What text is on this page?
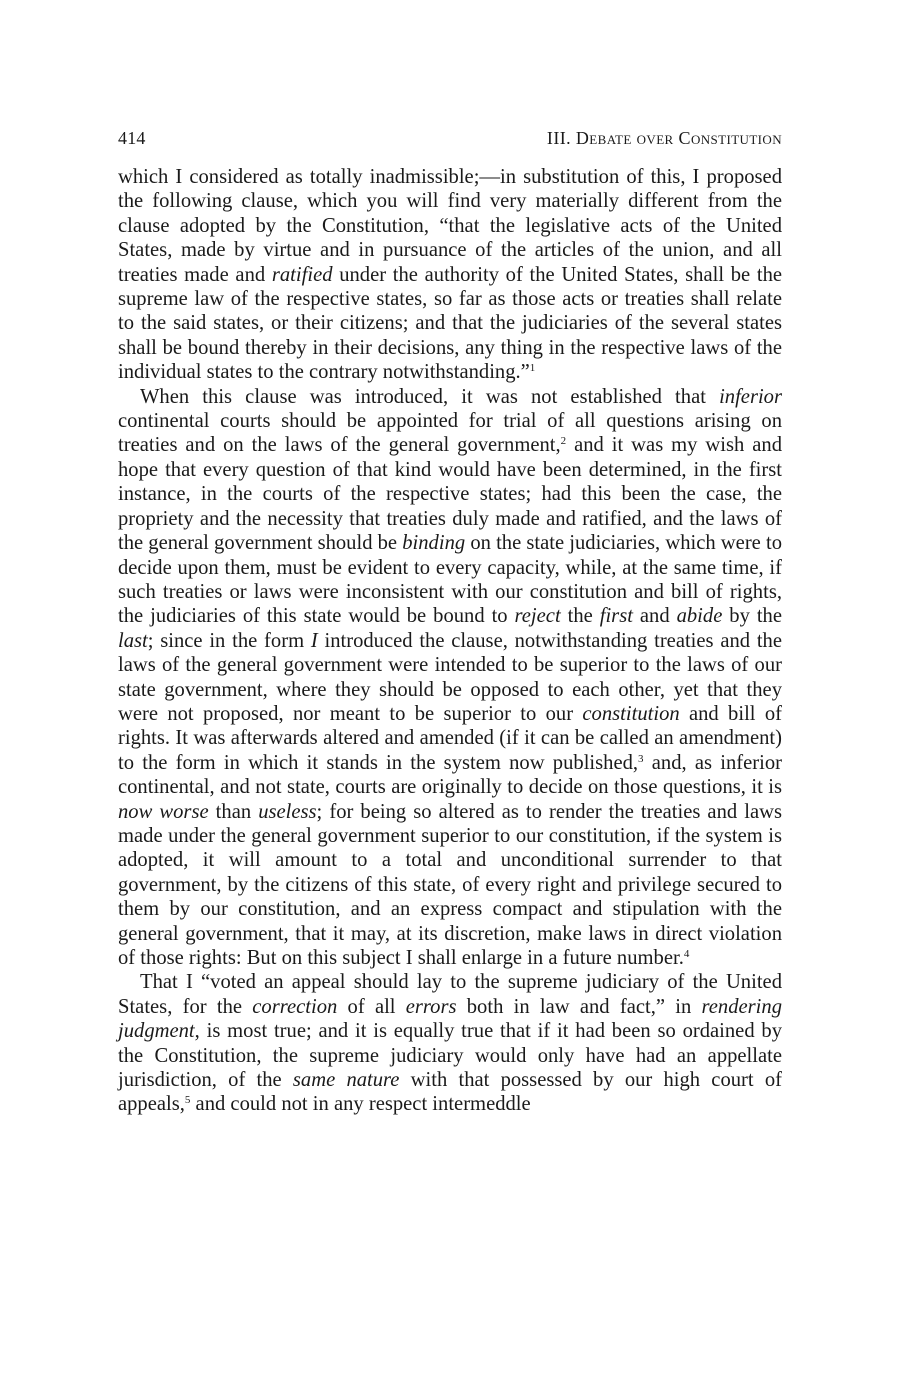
414	III. Debate over Constitution

which I considered as totally inadmissible;—in substitution of this, I proposed the following clause, which you will find very materially different from the clause adopted by the Constitution, “that the legislative acts of the United States, made by virtue and in pursuance of the articles of the union, and all treaties made and ratified under the authority of the United States, shall be the supreme law of the respective states, so far as those acts or treaties shall relate to the said states, or their citizens; and that the judiciaries of the several states shall be bound thereby in their decisions, any thing in the respective laws of the individual states to the contrary notwithstanding.”$^1$

When this clause was introduced, it was not established that inferior continental courts should be appointed for trial of all questions arising on treaties and on the laws of the general government,$^2$ and it was my wish and hope that every question of that kind would have been determined, in the first instance, in the courts of the respective states; had this been the case, the propriety and the necessity that treaties duly made and ratified, and the laws of the general government should be binding on the state judiciaries, which were to decide upon them, must be evident to every capacity, while, at the same time, if such treaties or laws were inconsistent with our constitution and bill of rights, the judiciaries of this state would be bound to reject the first and abide by the last; since in the form I introduced the clause, notwithstanding treaties and the laws of the general government were intended to be superior to the laws of our state government, where they should be opposed to each other, yet that they were not proposed, nor meant to be superior to our constitution and bill of rights. It was afterwards altered and amended (if it can be called an amendment) to the form in which it stands in the system now published,$^3$ and, as inferior continental, and not state, courts are originally to decide on those questions, it is now worse than useless; for being so altered as to render the treaties and laws made under the general government superior to our constitution, if the system is adopted, it will amount to a total and unconditional surrender to that government, by the citizens of this state, of every right and privilege secured to them by our constitution, and an express compact and stipulation with the general government, that it may, at its discretion, make laws in direct violation of those rights: But on this subject I shall enlarge in a future number.$^4$

That I “voted an appeal should lay to the supreme judiciary of the United States, for the correction of all errors both in law and fact,” in rendering judgment, is most true; and it is equally true that if it had been so ordained by the Constitution, the supreme judiciary would only have had an appellate jurisdiction, of the same nature with that possessed by our high court of appeals,$^5$ and could not in any respect intermeddle
